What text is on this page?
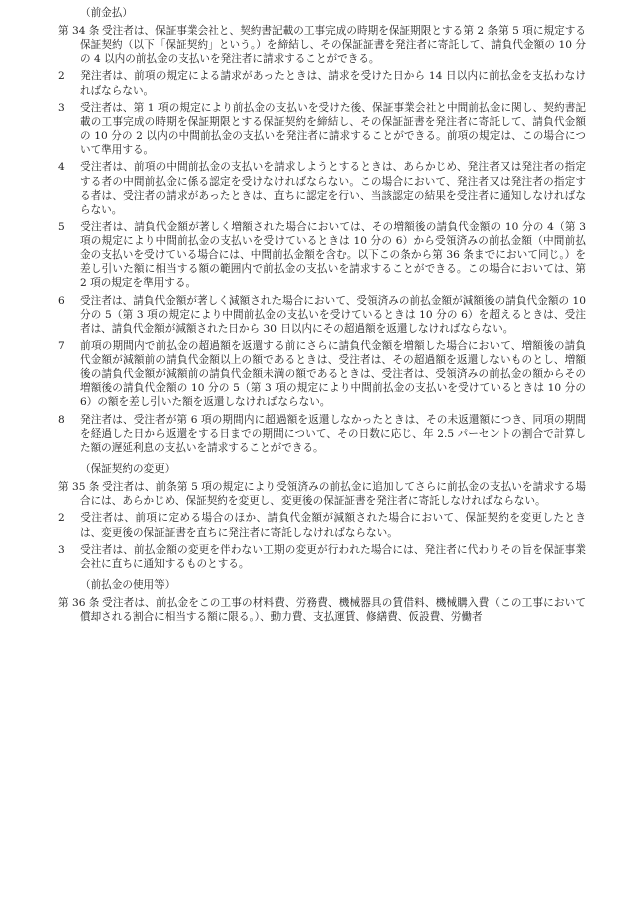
（前金払）
第 34 条 受注者は、保証事業会社と、契約書記載の工事完成の時期を保証期限とする第 2 条第 5 項に規定する保証契約（以下「保証契約」という。）を締結し、その保証証書を発注者に寄託して、請負代金額の 10 分の 4 以内の前払金の支払いを発注者に請求することができる。
2 発注者は、前項の規定による請求があったときは、請求を受けた日から 14 日以内に前払金を支払わなければならない。
3 受注者は、第 1 項の規定により前払金の支払いを受けた後、保証事業会社と中間前払金に関し、契約書記載の工事完成の時期を保証期限とする保証契約を締結し、その保証証書を発注者に寄託して、請負代金額の 10 分の 2 以内の中間前払金の支払いを発注者に請求することができる。前項の規定は、この場合について準用する。
4 受注者は、前項の中間前払金の支払いを請求しようとするときは、あらかじめ、発注者又は発注者の指定する者の中間前払金に係る認定を受けなければならない。この場合において、発注者又は発注者の指定する者は、受注者の請求があったときは、直ちに認定を行い、当該認定の結果を受注者に通知しなければならない。
5 受注者は、請負代金額が著しく増額された場合においては、その増額後の請負代金額の 10 分の 4（第 3 項の規定により中間前払金の支払いを受けているときは 10 分の 6）から受領済みの前払金額（中間前払金の支払いを受けている場合には、中間前払金額を含む。以下この条から第 36 条までにおいて同じ。）を差し引いた額に相当する額の範囲内で前払金の支払いを請求することができる。この場合においては、第 2 項の規定を準用する。
6 受注者は、請負代金額が著しく減額された場合において、受領済みの前払金額が減額後の請負代金額の 10 分の 5（第 3 項の規定により中間前払金の支払いを受けているときは 10 分の 6）を超えるときは、受注者は、請負代金額が減額された日から 30 日以内にその超過額を返還しなければならない。
7 前項の期間内で前払金の超過額を返還する前にさらに請負代金額を増額した場合において、増額後の請負代金額が減額前の請負代金額以上の額であるときは、受注者は、その超過額を返還しないものとし、増額後の請負代金額が減額前の請負代金額未満の額であるときは、受注者は、受領済みの前払金の額からその増額後の請負代金額の 10 分の 5（第 3 項の規定により中間前払金の支払いを受けているときは 10 分の 6）の額を差し引いた額を返還しなければならない。
8 発注者は、受注者が第 6 項の期間内に超過額を返還しなかったときは、その未返還額につき、同項の期間を経過した日から返還をする日までの期間について、その日数に応じ、年 2.5 パーセントの割合で計算した額の遅延利息の支払いを請求することができる。
（保証契約の変更）
第 35 条 受注者は、前条第 5 項の規定により受領済みの前払金に追加してさらに前払金の支払いを請求する場合には、あらかじめ、保証契約を変更し、変更後の保証証書を発注者に寄託しなければならない。
2 受注者は、前項に定める場合のほか、請負代金額が減額された場合において、保証契約を変更したときは、変更後の保証証書を直ちに発注者に寄託しなければならない。
3 受注者は、前払金額の変更を伴わない工期の変更が行われた場合には、発注者に代わりその旨を保証事業会社に直ちに通知するものとする。
（前払金の使用等）
第 36 条 受注者は、前払金をこの工事の材料費、労務費、機械器具の賃借料、機械購入費（この工事において償却される割合に相当する額に限る。）、動力費、支払運賃、修繕費、仮設費、労働者
